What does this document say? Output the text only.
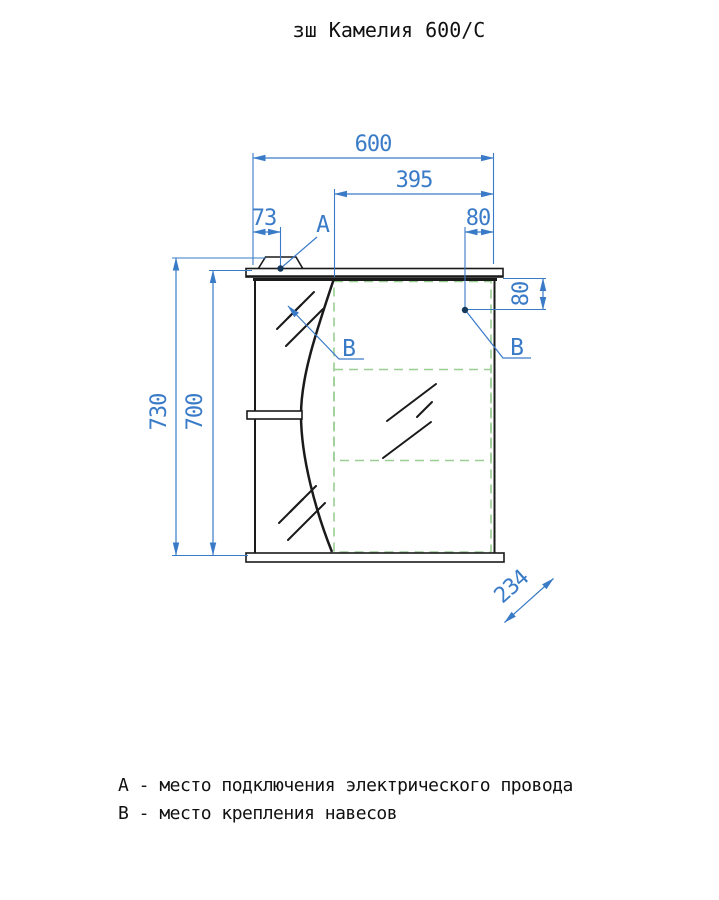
зш Камелия 600/С
600
395
73	80
730 700
80
234
А
В	В
А - место подключения электрического провода
В - место крепления навесов
